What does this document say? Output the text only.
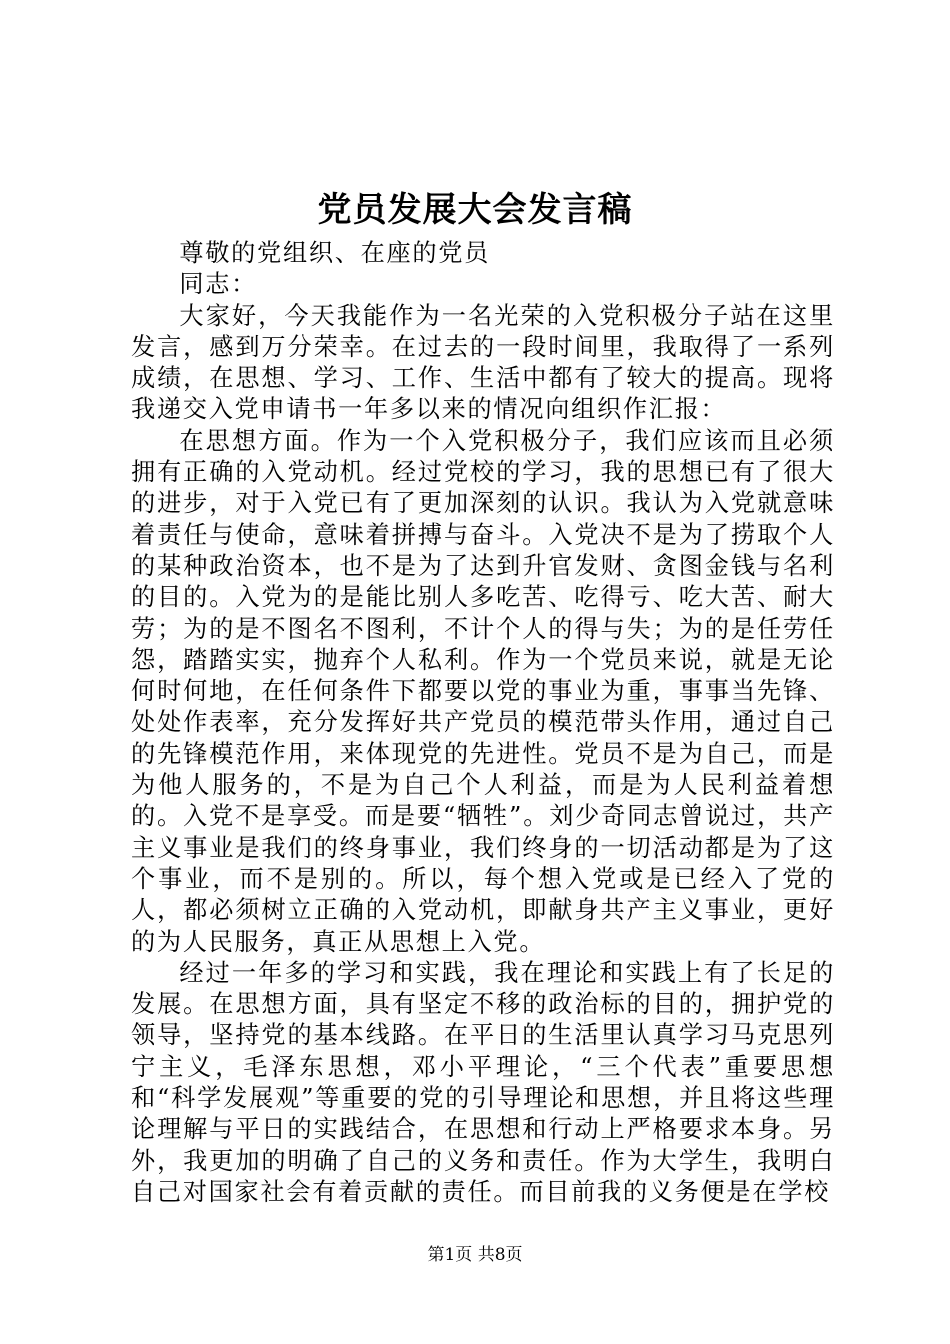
党员发展大会发言稿
尊敬的党组织、在座的党员
同志：

大家好，今天我能作为一名光荣的入党积极分子站在这里发言，感到万分荣幸。在过去的一段时间里，我取得了一系列成绩，在思想、学习、工作、生活中都有了较大的提高。现将我递交入党申请书一年多以来的情况向组织作汇报：

在思想方面。作为一个入党积极分子，我们应该而且必须拥有正确的入党动机。经过党校的学习，我的思想已有了很大的进步，对于入党已有了更加深刻的认识。我认为入党就意味着责任与使命，意味着拼搏与奋斗。入党决不是为了捞取个人的某种政治资本，也不是为了达到升官发财、贪图金钱与名利的目的。入党为的是能比别人多吃苦、吃得亏、吃大苦、耐大劳；为的是不图名不图利，不计个人的得与失；为的是任劳任怨，踏踏实实，抛弃个人私利。作为一个党员来说，就是无论何时何地，在任何条件下都要以党的事业为重，事事当先锋、处处作表率，充分发挥好共产党员的模范带头作用，通过自己的先锋模范作用，来体现党的先进性。党员不是为自己，而是为他人服务的，不是为自己个人利益，而是为人民利益着想的。入党不是享受。而是要“牺牲”。刘少奇同志曾说过，共产主义事业是我们的终身事业，我们终身的一切活动都是为了这个事业，而不是别的。所以，每个想入党或是已经入了党的人，都必须树立正确的入党动机，即献身共产主义事业，更好的为人民服务，真正从思想上入党。

经过一年多的学习和实践，我在理论和实践上有了长足的发展。在思想方面，具有坚定不移的政治标的目的，拥护党的领导，坚持党的基本线路。在平日的生活里认真学习马克思列宁主义，毛泽东思想，邓小平理论，“三个代表”重要思想和“科学发展观”等重要的党的引导理论和思想，并且将这些理论理解与平日的实践结合，在思想和行动上严格要求本身。另外，我更加的明确了自己的义务和责任。作为大学生，我明白自己对国家社会有着贡献的责任。而目前我的义务便是在学校

第1页 共8页
